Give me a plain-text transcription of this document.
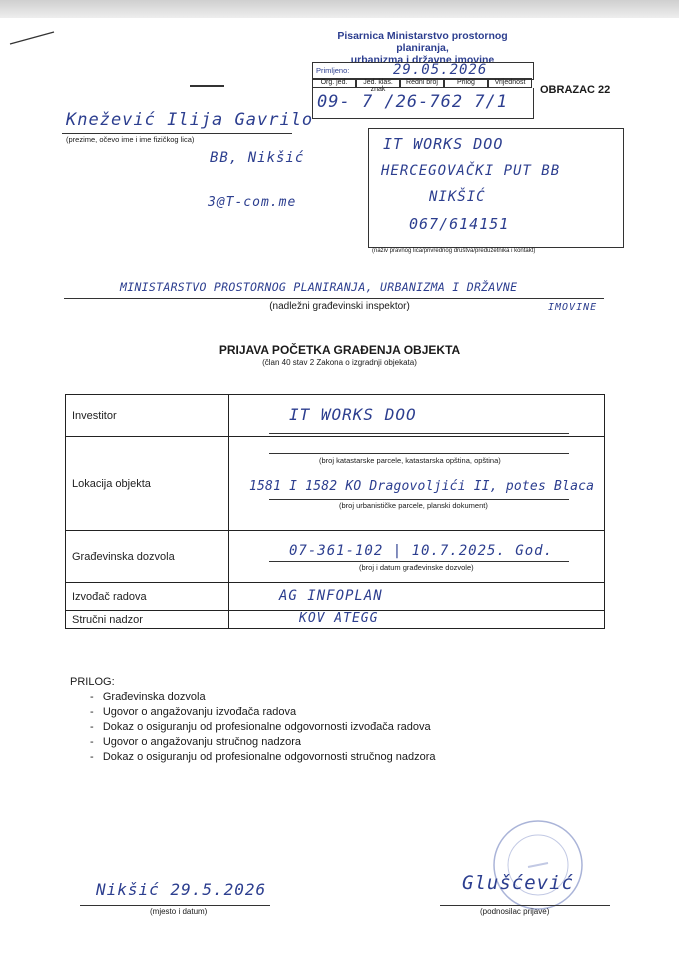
Pisarnica Ministarstvo prostornog planiranja,
urbanizma i državne imovine
Primljeno:	29.05.2026
Org. jed.	Jed. klas. znak
Redni broj	Prilog	Vrijednost
09- 7 /26-762 7/1
OBRAZAC 22
Knežević Ilija Gavrilo
(prezime, očevo ime i ime fizičkog lica)
BB, Nikšić
3@T-com.me
IT WORKS DOO
HERCEGOVAČKI PUT BB
NIKŠIĆ
067/614151
(naziv pravnog lica/privrednog društva/preduzetnika i kontakt)
MINISTARSTVO PROSTORNOG PLANIRANJA, URBANIZMA I DRŽAVNE
IMOVINE
(nadležni građevinski inspektor)
PRIJAVA POČETKA GRAĐENJA OBJEKTA
(član 40 stav 2 Zakona o izgradnji objekata)
Investitor	IT WORKS DOO

Lokacija objekta	(broj katastarske parcele, katastarska opština, opština)
1581 I 1582 KO Dragovoljići II, potes Blaca
(broj urbanističke parcele, planski dokument)

Građevinska dozvola	07-361-102 | 10.7.2025. God.
(broj i datum građevinske dozvole)

Izvođač radova	AG INFOPLAN

Stručni nadzor	KOV ATEGG
PRILOG:
-   Građevinska dozvola
-   Ugovor o angažovanju izvođača radova
-   Dokaz o osiguranju od profesionalne odgovornosti izvođača radova
-   Ugovor o angažovanju stručnog nadzora
-   Dokaz o osiguranju od profesionalne odgovornosti stručnog nadzora
Nikšić 29.5.2026
(mjesto i datum)
Glušćević
(podnosilac prijave)
